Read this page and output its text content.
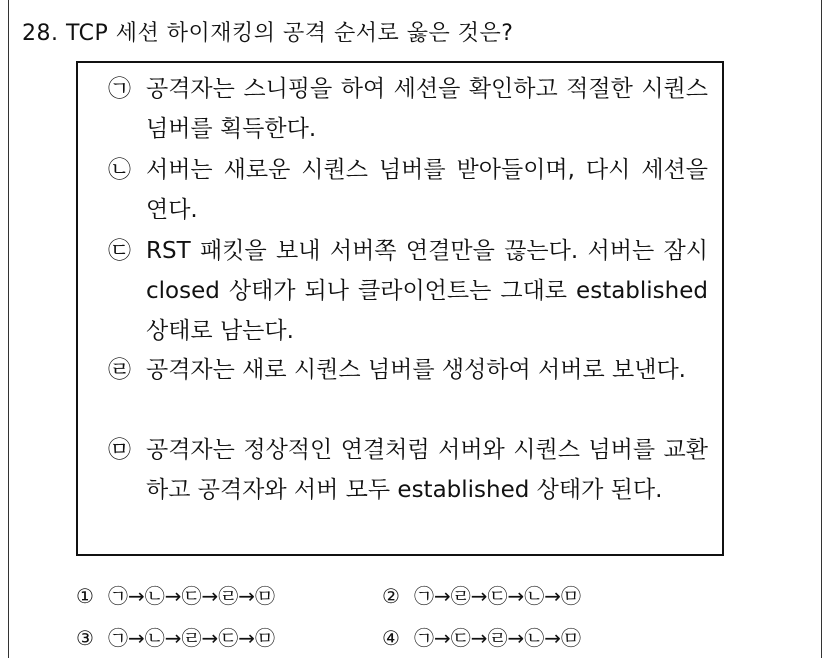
28. TCP 세션 하이재킹의 공격 순서로 옳은 것은?
㉠ 공격자는 스니핑을 하여 세션을 확인하고 적절한 시퀀스 넘버를 획득한다.
㉡ 서버는 새로운 시퀀스 넘버를 받아들이며, 다시 세션을 연다.
㉢ RST 패킷을 보내 서버쪽 연결만을 끊는다. 서버는 잠시 closed 상태가 되나 클라이언트는 그대로 established 상태로 남는다.
㉣ 공격자는 새로 시퀀스 넘버를 생성하여 서버로 보낸다.
㉤ 공격자는 정상적인 연결처럼 서버와 시퀀스 넘버를 교환하고 공격자와 서버 모두 established 상태가 된다.
① ㉠→㉡→㉢→㉣→㉤	② ㉠→㉣→㉢→㉡→㉤
③ ㉠→㉡→㉣→㉢→㉤	④ ㉠→㉢→㉣→㉡→㉤
